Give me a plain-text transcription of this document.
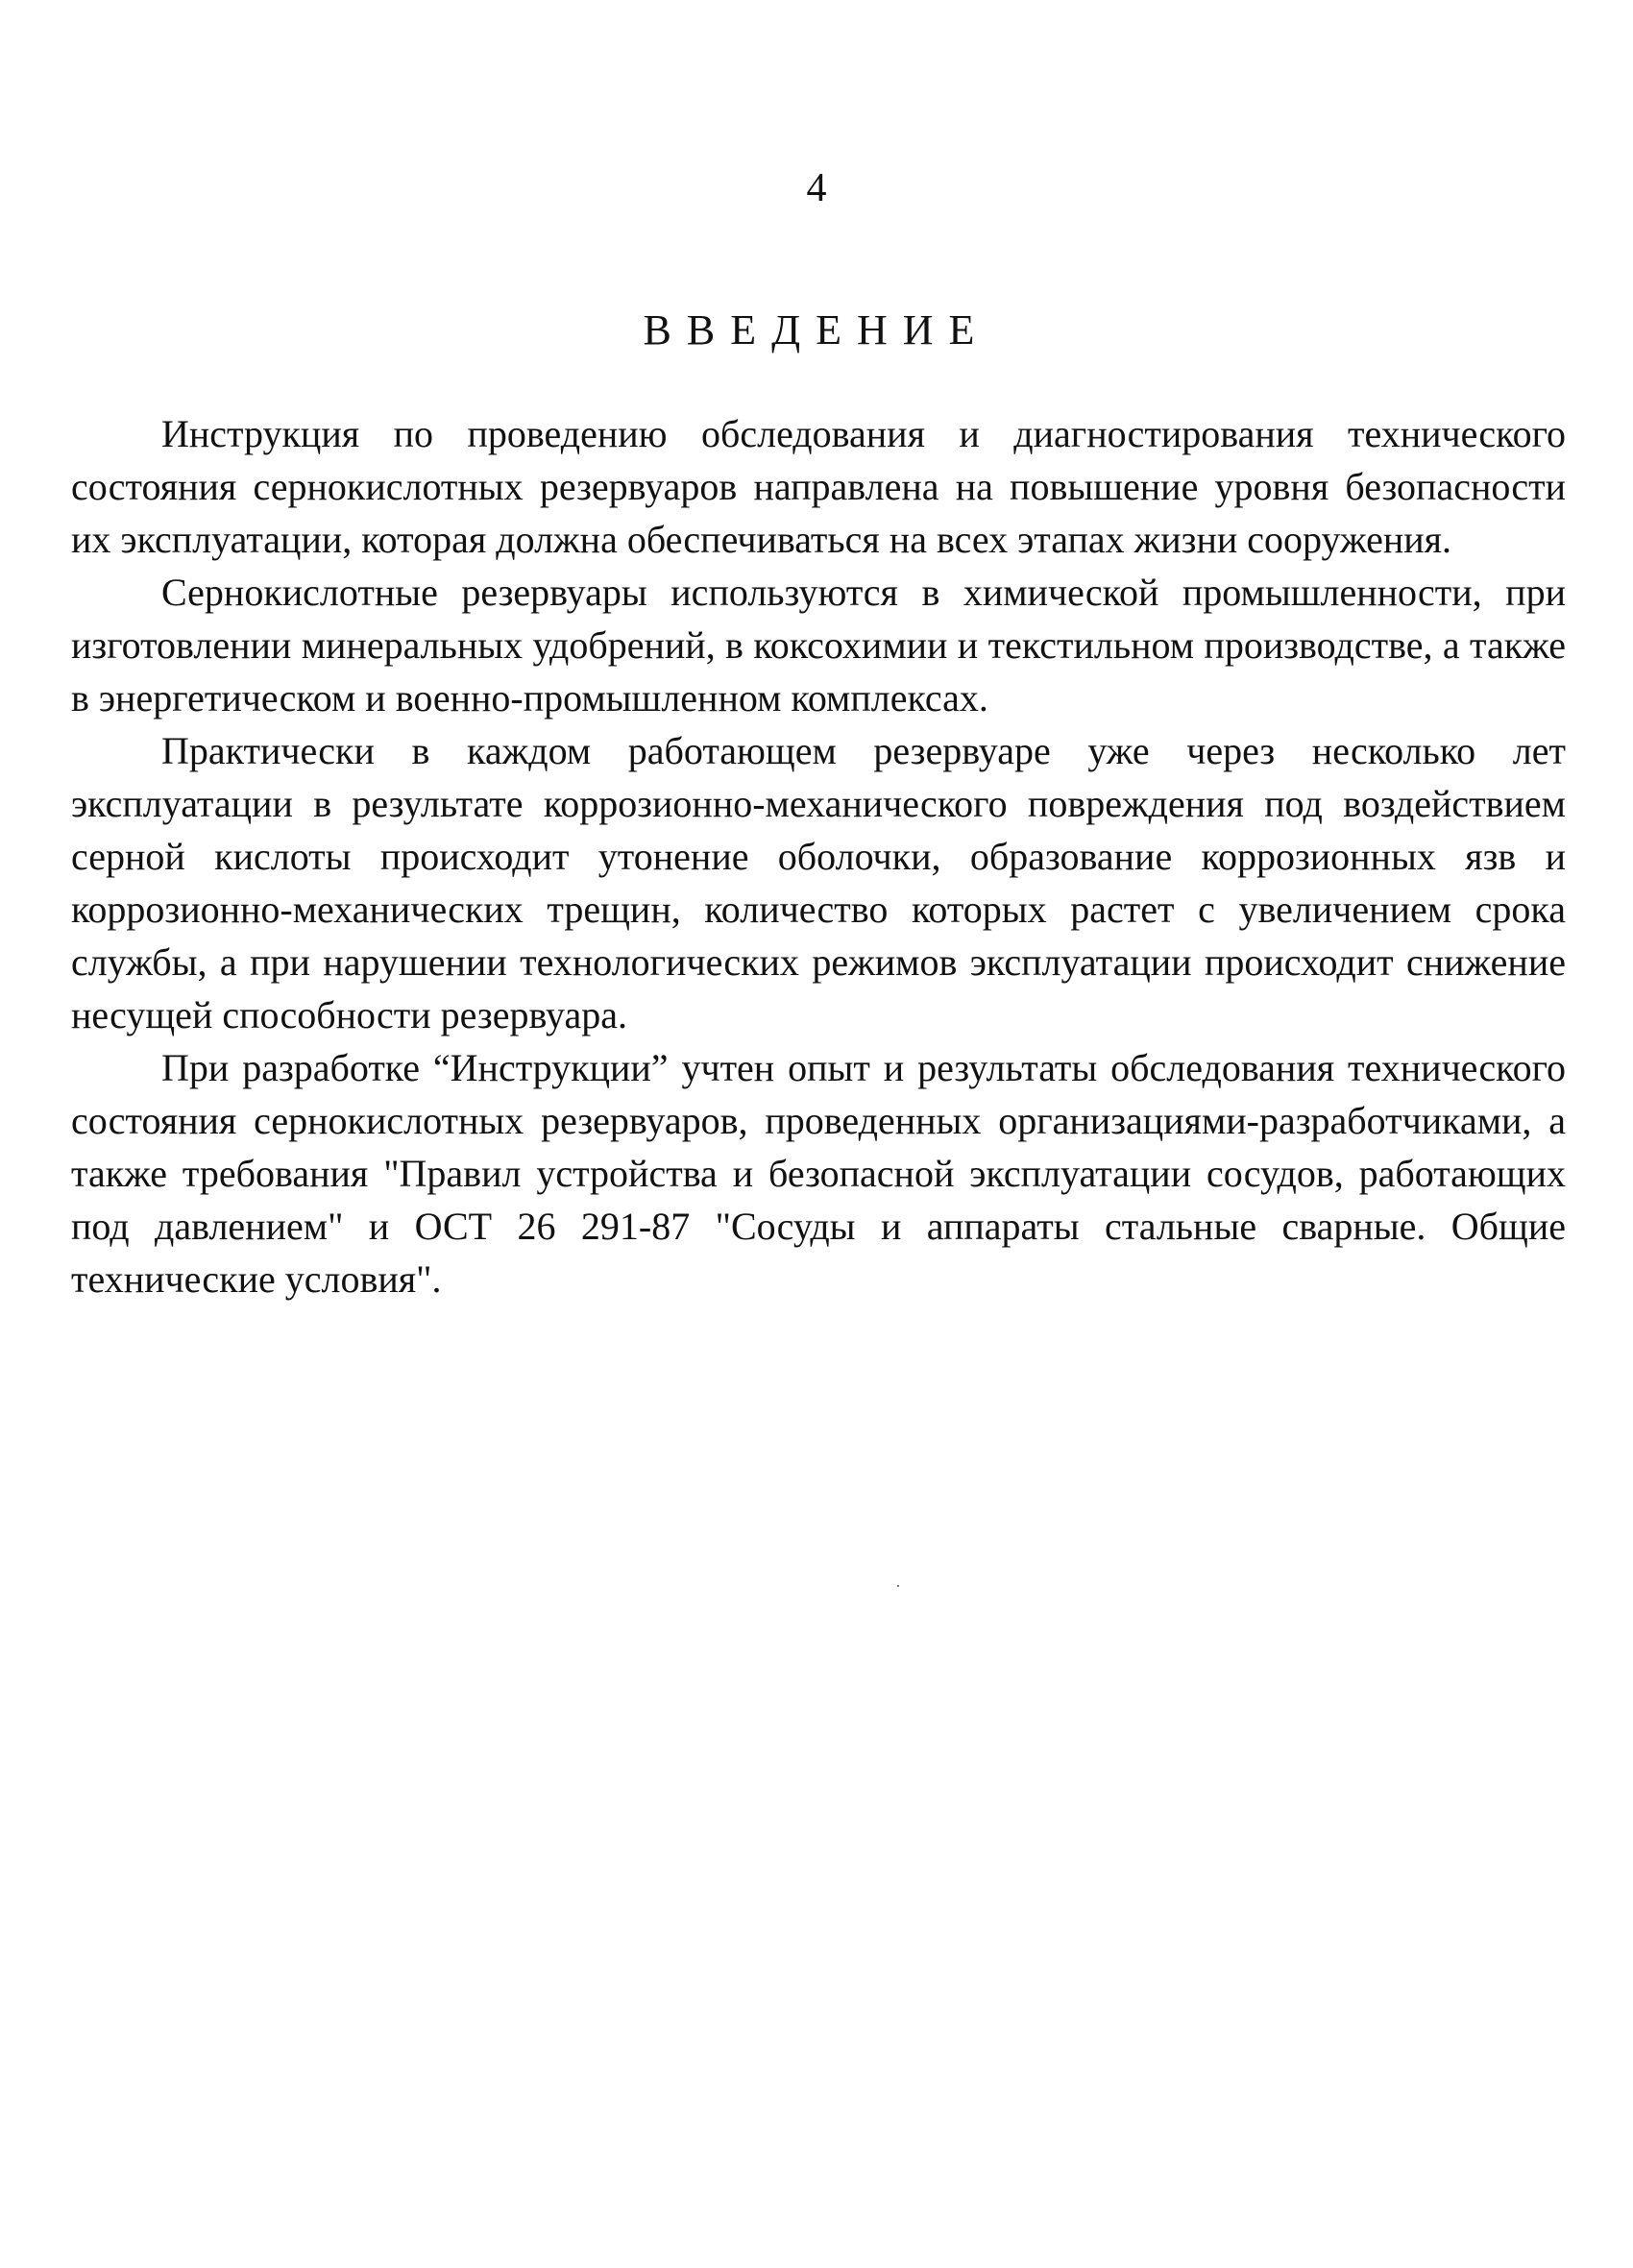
4

ВВЕДЕНИЕ

Инструкция по проведению обследования и диагностирования технического состояния сернокислотных резервуаров направлена на повышение уровня безопасности их эксплуатации, которая должна обеспечиваться на всех этапах жизни сооружения.

Сернокислотные резервуары используются в химической промышленности, при изготовлении минеральных удобрений, в коксохимии и текстильном производстве, а также в энергетическом и военно-промышленном комплексах.

Практически в каждом работающем резервуаре уже через несколько лет эксплуатации в результате коррозионно-механического повреждения под воздействием серной кислоты происходит утонение оболочки, образование коррозионных язв и коррозионно-механических трещин, количество которых растет с увеличением срока службы, а при нарушении технологических режимов эксплуатации происходит снижение несущей способности резервуара.

При разработке “Инструкции” учтен опыт и результаты обследования технического состояния сернокислотных резервуаров, проведенных организациями-разработчиками, а также требования "Правил устройства и безопасной эксплуатации сосудов, работающих под давлением" и ОСТ 26 291-87 "Сосуды и аппараты стальные сварные. Общие технические условия".
